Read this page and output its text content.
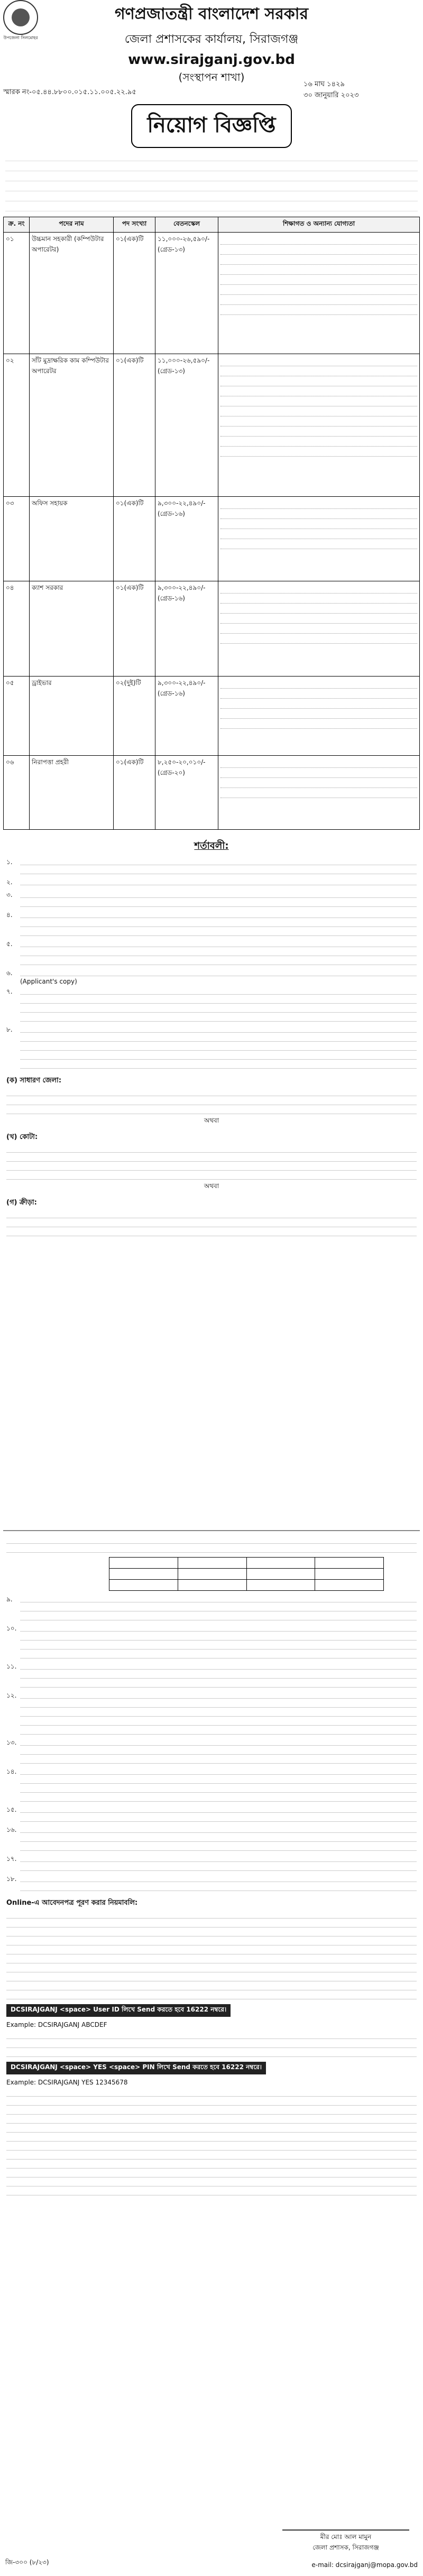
উপজেলা সিলমোহর
গণপ্রজাতন্ত্রী বাংলাদেশ সরকার
জেলা প্রশাসকের কার্যালয়, সিরাজগঞ্জ
www.sirajganj.gov.bd
(সংস্থাপন শাখা)
স্মারক নং-০৫.৪৪.৮৮০০.০১৫.১১.০০৫.২২.৯৫
১৬ মাঘ ১৪২৯
৩০ জানুয়ারি ২০২৩
নিয়োগ বিজ্ঞপ্তি
ক্র. নং	পদের নাম	পদ সংখ্যা	বেতনস্কেল	শিক্ষাগত ও অন্যান্য যোগ্যতা
০১	উচ্চমান সহকারী (কম্পিউটার অপারেটর)	০১(এক)টি	১১,০০০-২৬,৫৯০/- (গ্রেড-১৩)	

০২	সাঁট মুদ্রাক্ষরিক কাম কম্পিউটার অপারেটর	০১(এক)টি	১১,০০০-২৬,৫৯০/- (গ্রেড-১৩)	

০৩	অফিস সহায়ক	০১(এক)টি	৯,৩০০-২২,৪৯০/- (গ্রেড-১৬)	

০৪	ক্যাশ সরকার	০১(এক)টি	৯,৩০০-২২,৪৯০/- (গ্রেড-১৬)	

০৫	ড্রাইভার	০২(দুই)টি	৯,৩০০-২২,৪৯০/- (গ্রেড-১৬)	

০৬	নিরাপত্তা প্রহরী	০১(এক)টি	৮,২৫০-২০,০১০/- (গ্রেড-২০)	
শর্তাবলী:
১.
২.
৩.
৪.
৫.
৬.
(Applicant's copy)
৭.
৮.
(ক) সাধারণ জেলা:
অথবা
(খ) কোটা:
অথবা
(গ) ক্রীড়া:

৯.
১০.
১১.
১২.
১৩.
১৪.
১৫.
১৬.
১৭.
১৮.
Online-এ আবেদনপত্র পূরণ করার নিয়মাবলি:
DCSIRAJGANJ <space> User ID লিখে Send করতে হবে 16222 নম্বরে।
Example: DCSIRAJGANJ ABCDEF
DCSIRAJGANJ <space> YES <space> PIN লিখে Send করতে হবে 16222 নম্বরে।
Example: DCSIRAJGANJ YES 12345678
মীর মোঃ আল মামুন
জেলা প্রশাসক, সিরাজগঞ্জ
জি-৩০০ (৮/২৩)	e-mail: dcsirajganj@mopa.gov.bd
